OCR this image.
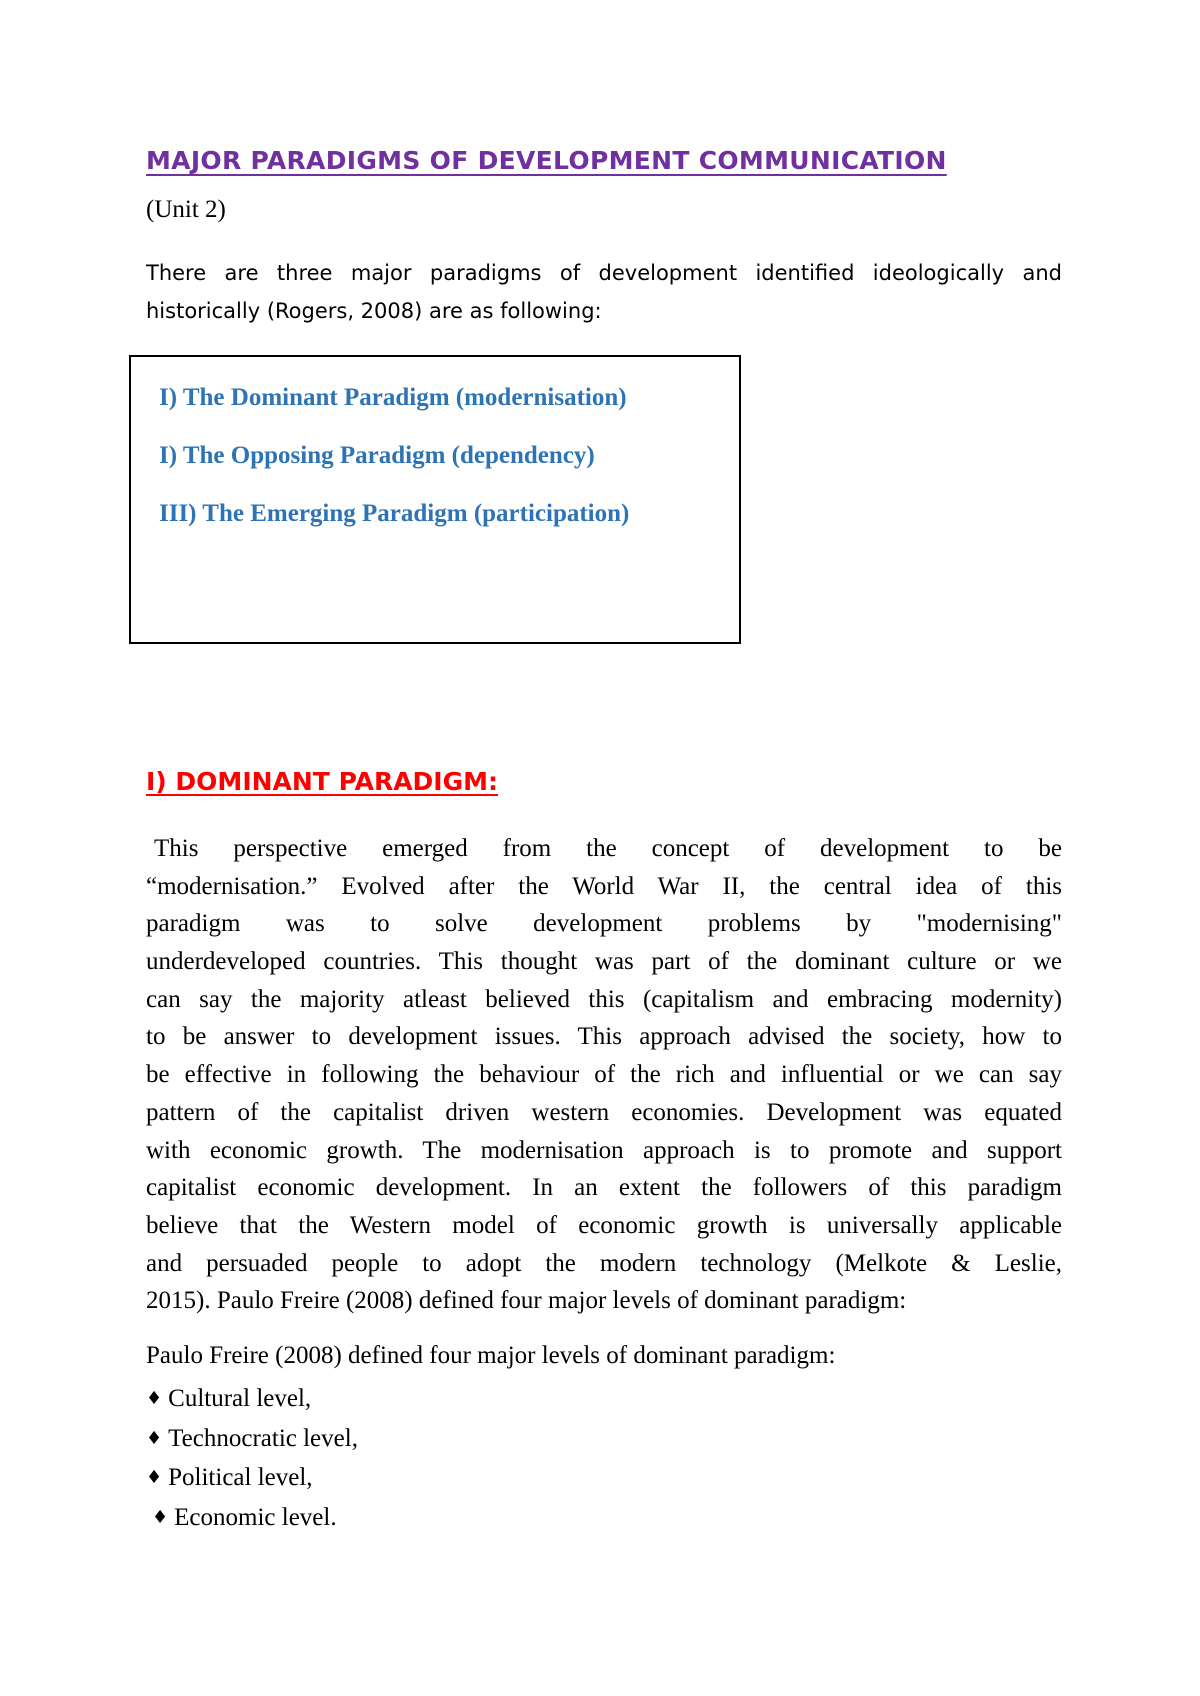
MAJOR PARADIGMS OF DEVELOPMENT COMMUNICATION
(Unit 2)
There are three major paradigms of development identified ideologically and
historically (Rogers, 2008) are as following:
I) The Dominant Paradigm (modernisation)
I) The Opposing Paradigm (dependency)
III) The Emerging Paradigm (participation)
I) DOMINANT PARADIGM:
This perspective emerged from the concept of development to be
“modernisation.” Evolved after the World War II, the central idea of this
paradigm was to solve development problems by "modernising"
underdeveloped countries. This thought was part of the dominant culture or we
can say the majority atleast believed this (capitalism and embracing modernity)
to be answer to development issues. This approach advised the society, how to
be effective in following the behaviour of the rich and influential or we can say
pattern of the capitalist driven western economies. Development was equated
with economic growth. The modernisation approach is to promote and support
capitalist economic development. In an extent the followers of this paradigm
believe that the Western model of economic growth is universally applicable
and persuaded people to adopt the modern technology (Melkote & Leslie,
2015). Paulo Freire (2008) defined four major levels of dominant paradigm:
Paulo Freire (2008) defined four major levels of dominant paradigm:
♦ Cultural level,
♦ Technocratic level,
♦ Political level,
♦ Economic level.
